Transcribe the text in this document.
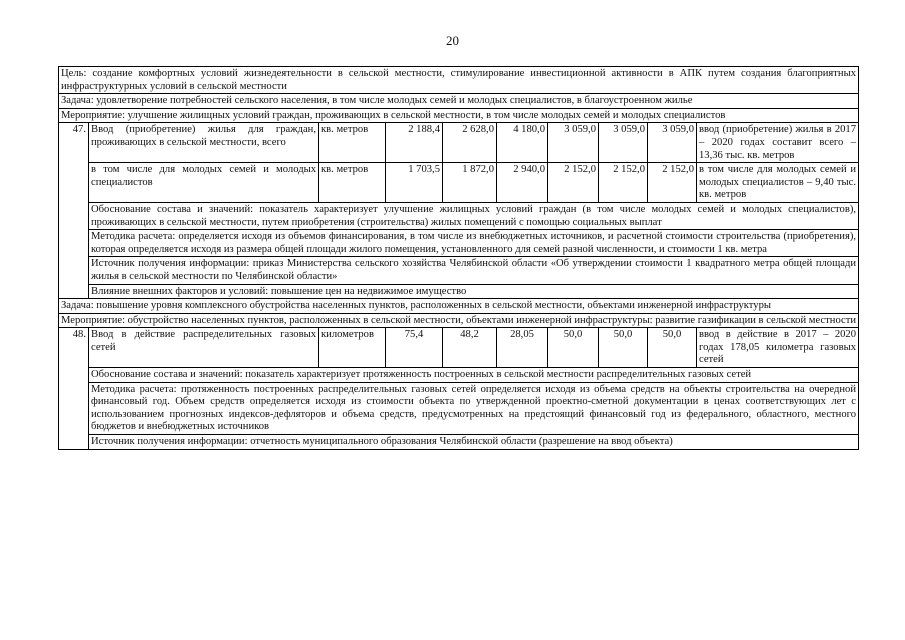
20
Цель: создание комфортных условий жизнедеятельности в сельской местности, стимулирование инвестиционной активности в АПК путем создания благоприятных инфраструктурных условий в сельской местности									
Задача: удовлетворение потребностей сельского населения, в том числе молодых семей и молодых специалистов, в благоустроенном жилье									
Мероприятие: улучшение жилищных условий граждан, проживающих в сельской местности, в том числе молодых семей и молодых специалистов									
47.	Ввод (приобретение) жилья для граждан, проживающих в сельской местности, всего	кв. метров	2 188,4	2 628,0	4 180,0	3 059,0	3 059,0	3 059,0	ввод (приобретение) жилья в 2017 – 2020 годах составит всего – 13,36 тыс. кв. метров
	в том числе для молодых семей и молодых специалистов	кв. метров	1 703,5	1 872,0	2 940,0	2 152,0	2 152,0	2 152,0	в том числе для молодых семей и молодых специалистов – 9,40 тыс. кв. метров
	Обоснование состава и значений: показатель характеризует улучшение жилищных условий граждан (в том числе молодых семей и молодых специалистов), проживающих в сельской местности, путем приобретения (строительства) жилых помещений с помощью социальных выплат								
	Методика расчета: определяется исходя из объемов финансирования, в том числе из внебюджетных источников, и расчетной стоимости строительства (приобретения), которая определяется исходя из размера общей площади жилого помещения, установленного для семей разной численности, и стоимости 1 кв. метра								
	Источник получения информации: приказ Министерства сельского хозяйства Челябинской области «Об утверждении стоимости 1 квадратного метра общей площади жилья в сельской местности по Челябинской области»								
	Влияние внешних факторов и условий: повышение цен на недвижимое имущество								
Задача: повышение уровня комплексного обустройства населенных пунктов, расположенных в сельской местности, объектами инженерной инфраструктуры									
Мероприятие: обустройство населенных пунктов, расположенных в сельской местности, объектами инженерной инфраструктуры: развитие газификации в сельской местности									
48.	Ввод в действие распределительных газовых сетей	километров	75,4	48,2	28,05	50,0	50,0	50,0	ввод в действие в 2017 – 2020 годах 178,05 километра газовых сетей
	Обоснование состава и значений: показатель характеризует протяженность построенных в сельской местности распределительных газовых сетей								
	Методика расчета: протяженность построенных распределительных газовых сетей определяется исходя из объема средств на объекты строительства на очередной финансовый год. Объем средств определяется исходя из стоимости объекта по утвержденной проектно-сметной документации в ценах соответствующих лет с использованием прогнозных индексов-дефляторов и объема средств, предусмотренных на предстоящий финансовый год из федерального, областного, местного бюджетов и внебюджетных источников								
	Источник получения информации: отчетность муниципального образования Челябинской области (разрешение на ввод объекта)								
